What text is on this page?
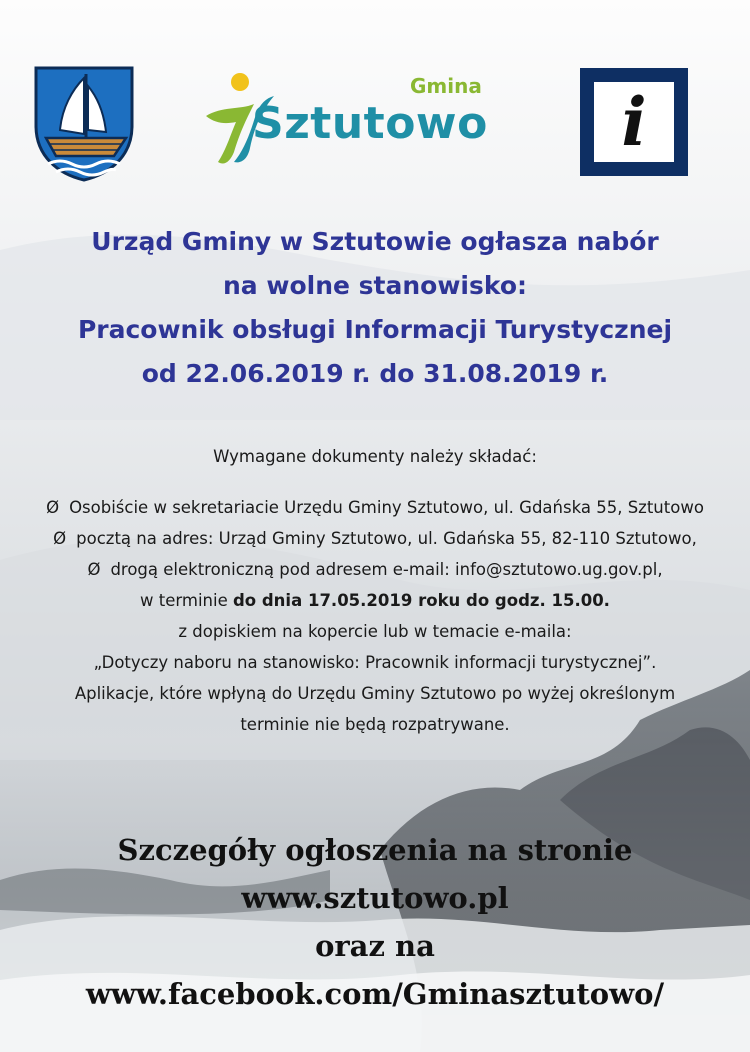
Gmina
Sztutowo	i
Urząd Gminy w Sztutowie ogłasza nabór
na wolne stanowisko:
Pracownik obsługi Informacji Turystycznej
od 22.06.2019 r. do 31.08.2019 r.
Wymagane dokumenty należy składać:
Ø Osobiście w sekretariacie Urzędu Gminy Sztutowo, ul. Gdańska 55, Sztutowo
Ø pocztą na adres: Urząd Gminy Sztutowo, ul. Gdańska 55, 82-110 Sztutowo,
Ø drogą elektroniczną pod adresem e-mail: info@sztutowo.ug.gov.pl,
w terminie do dnia 17.05.2019 roku do godz. 15.00.
z dopiskiem na kopercie lub w temacie e-maila:
„Dotyczy naboru na stanowisko: Pracownik informacji turystycznej”.
Aplikacje, które wpłyną do Urzędu Gminy Sztutowo po wyżej określonym
terminie nie będą rozpatrywane.
Szczegóły ogłoszenia na stronie
www.sztutowo.pl
oraz na
www.facebook.com/Gminasztutowo/
